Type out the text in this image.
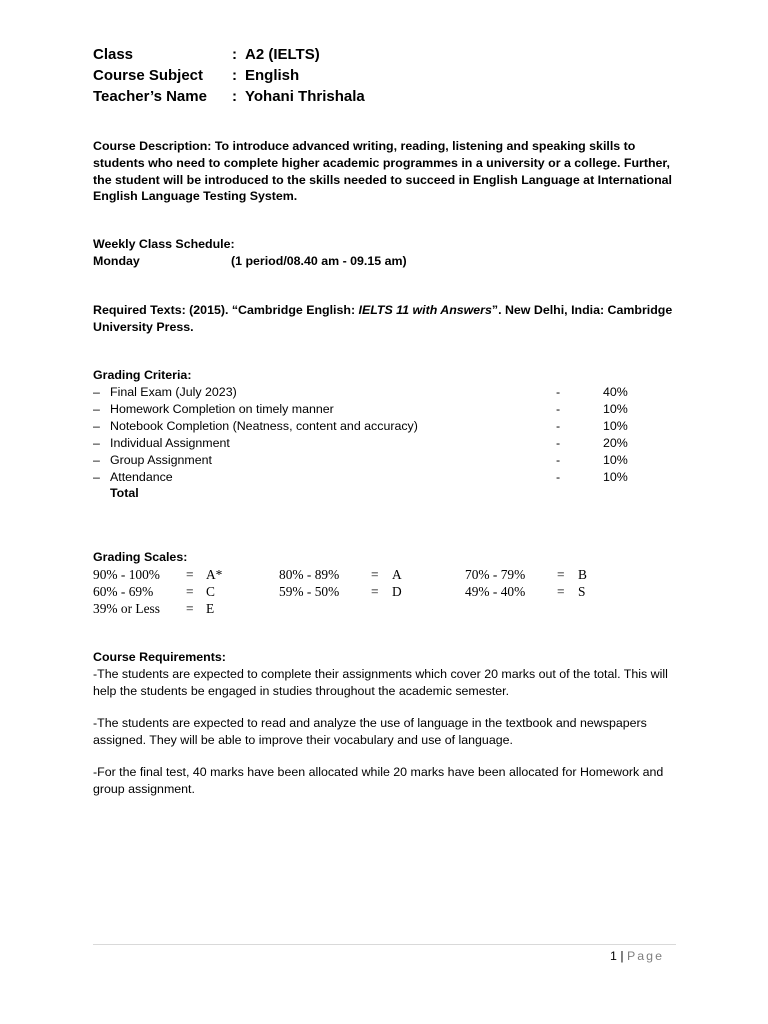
Class	: A2 (IELTS)
Course Subject : English
Teacher’s Name : Yohani Thrishala
Course Description: To introduce advanced writing, reading, listening and speaking skills to students who need to complete higher academic programmes in a university or a college. Further, the student will be introduced to the skills needed to succeed in English Language at International English Language Testing System.
Weekly Class Schedule:
Monday	(1 period/08.40 am - 09.15 am)
Required Texts: (2015). “Cambridge English: IELTS 11 with Answers”. New Delhi, India: Cambridge University Press.
Grading Criteria:
– Final Exam (July 2023)	-	40%
– Homework Completion on timely manner	-	10%
– Notebook Completion (Neatness, content and accuracy)	-	10%
– Individual Assignment	-	20%
– Group Assignment	-	10%
– Attendance	-	10%
Total
Grading Scales:
90% - 100% = A*	80% - 89% = A	70% - 79% = B
60% - 69% = C	59% - 50% = D	49% - 40% = S
39% or Less = E
Course Requirements:
-The students are expected to complete their assignments which cover 20 marks out of the total. This will help the students be engaged in studies throughout the academic semester.
-The students are expected to read and analyze the use of language in the textbook and newspapers assigned. They will be able to improve their vocabulary and use of language.
-For the final test, 40 marks have been allocated while 20 marks have been allocated for Homework and group assignment.
1 | Page
